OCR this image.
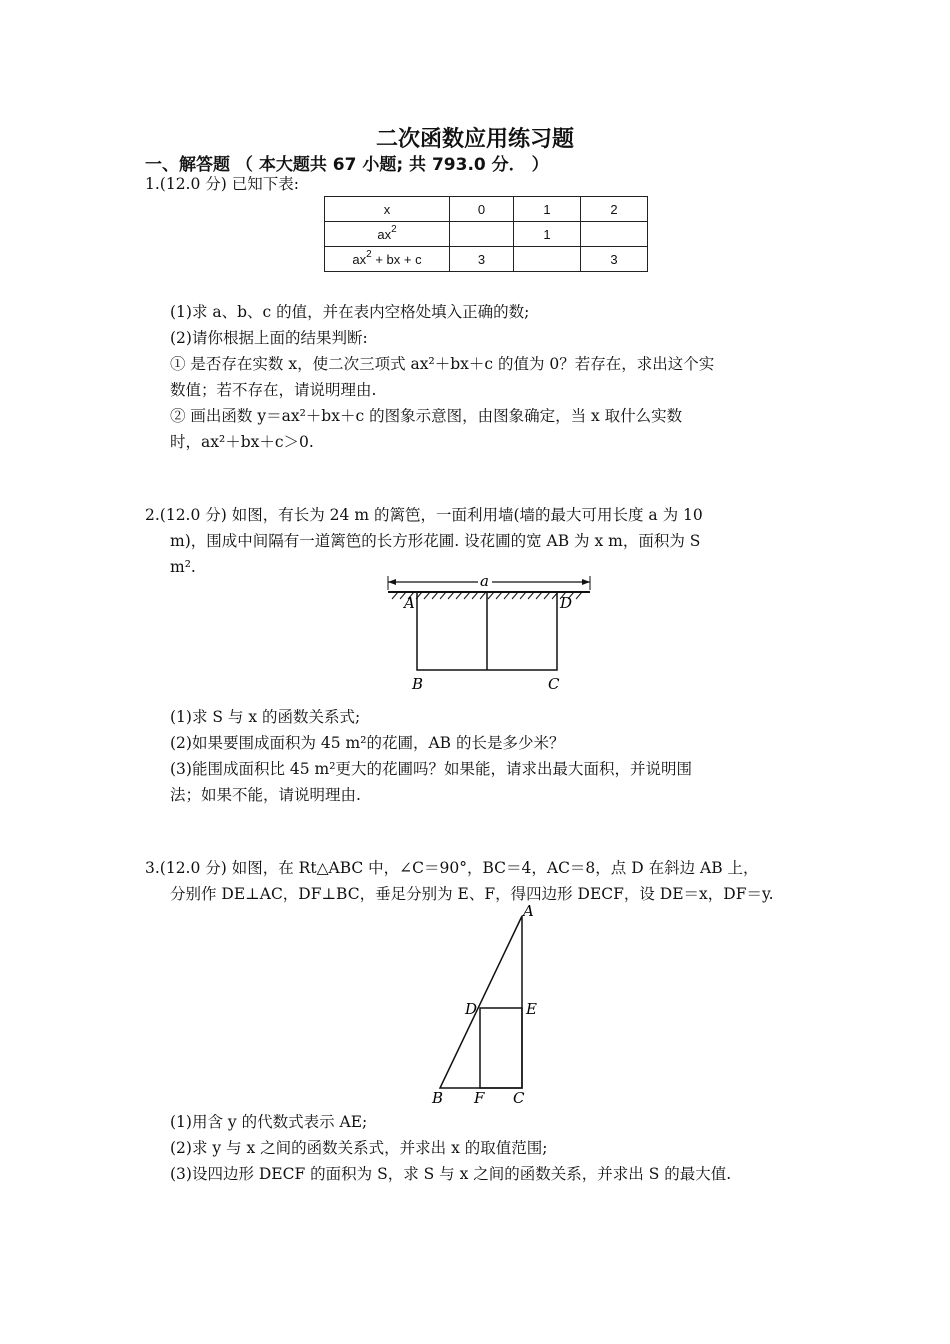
二次函数应用练习题
一、解答题 （ 本大题共 67 小题; 共 793.0 分． ）
1.(12.0 分) 已知下表:
x	0	1	2
$ax^2$		1	
$ax^2$ + bx + c	3		3
(1)求 a、b、c 的值，并在表内空格处填入正确的数;
(2)请你根据上面的结果判断:
① 是否存在实数 x，使二次三项式 ax²＋bx＋c 的值为 0？若存在，求出这个实
数值；若不存在，请说明理由.
② 画出函数 y＝ax²＋bx＋c 的图象示意图，由图象确定，当 x 取什么实数
时，ax²＋bx＋c＞0.
2.(12.0 分) 如图，有长为 24 m 的篱笆，一面利用墙(墙的最大可用长度 a 为 10
m)，围成中间隔有一道篱笆的长方形花圃. 设花圃的宽 AB 为 x m，面积为 S
m².
a
A	D
B	C
(1)求 S 与 x 的函数关系式;
(2)如果要围成面积为 45 m²的花圃，AB 的长是多少米？
(3)能围成面积比 45 m²更大的花圃吗？如果能，请求出最大面积，并说明围
法；如果不能，请说明理由.
3.(12.0 分) 如图，在 Rt△ABC 中，∠C＝90°，BC＝4，AC＝8，点 D 在斜边 AB 上，
分别作 DE⊥AC，DF⊥BC，垂足分别为 E、F，得四边形 DECF，设 DE＝x，DF＝y.
A
D	E
B F C
(1)用含 y 的代数式表示 AE;
(2)求 y 与 x 之间的函数关系式，并求出 x 的取值范围;
(3)设四边形 DECF 的面积为 S，求 S 与 x 之间的函数关系，并求出 S 的最大值.
